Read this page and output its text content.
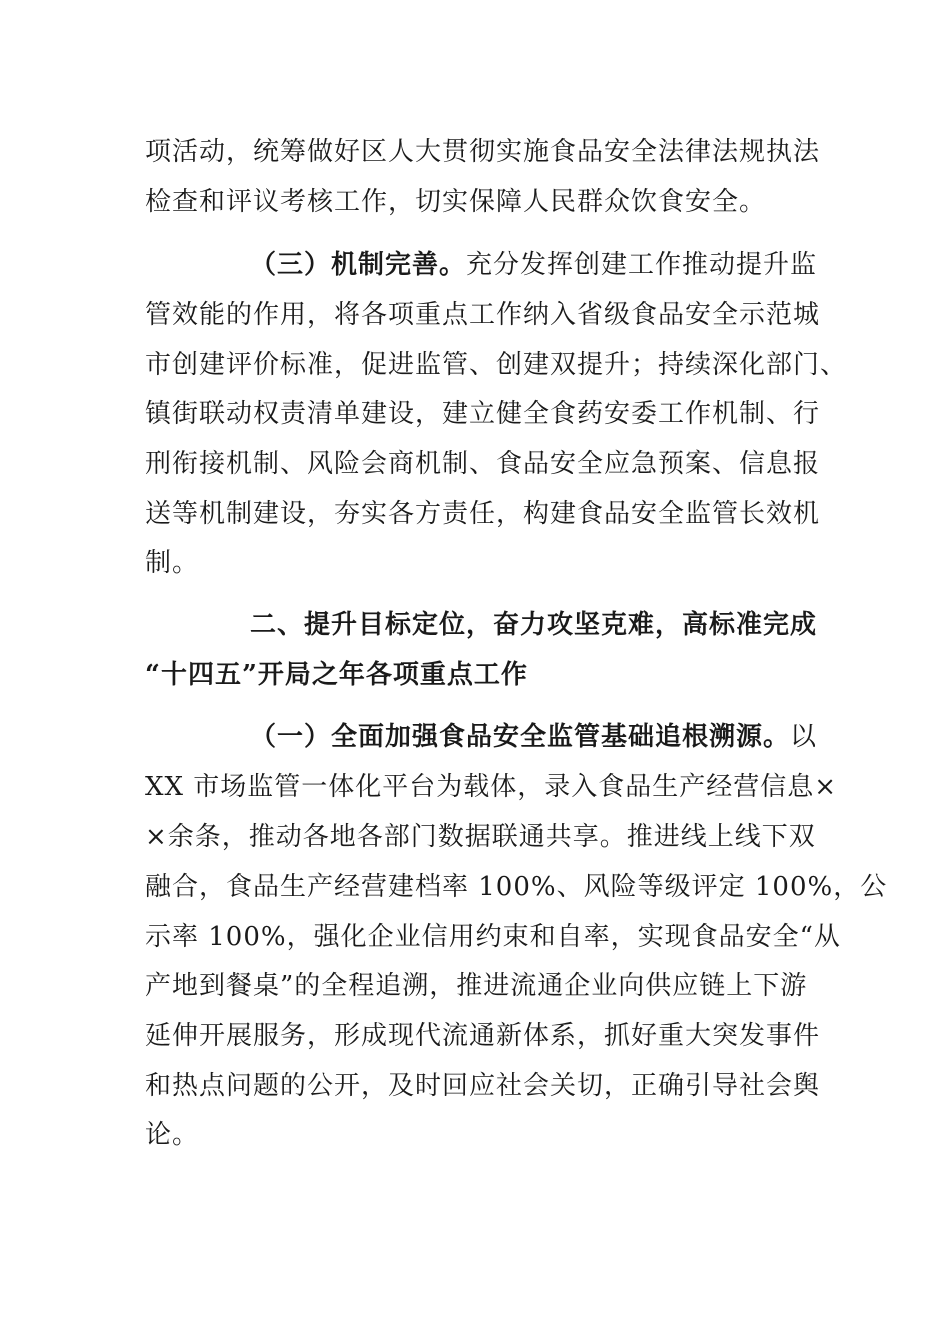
项活动，统筹做好区人大贯彻实施食品安全法律法规执法
检查和评议考核工作，切实保障人民群众饮食安全。
（三）机制完善。充分发挥创建工作推动提升监
管效能的作用，将各项重点工作纳入省级食品安全示范城
市创建评价标准，促进监管、创建双提升；持续深化部门、
镇街联动权责清单建设，建立健全食药安委工作机制、行
刑衔接机制、风险会商机制、食品安全应急预案、信息报
送等机制建设，夯实各方责任，构建食品安全监管长效机
制。
二、提升目标定位，奋力攻坚克难，高标准完成
“十四五”开局之年各项重点工作
（一）全面加强食品安全监管基础追根溯源。以
XX 市场监管一体化平台为载体，录入食品生产经营信息×
×余条，推动各地各部门数据联通共享。推进线上线下双
融合，食品生产经营建档率 100%、风险等级评定 100%，公
示率 100%，强化企业信用约束和自率，实现食品安全“从
产地到餐桌”的全程追溯，推进流通企业向供应链上下游
延伸开展服务，形成现代流通新体系，抓好重大突发事件
和热点问题的公开，及时回应社会关切，正确引导社会舆
论。
